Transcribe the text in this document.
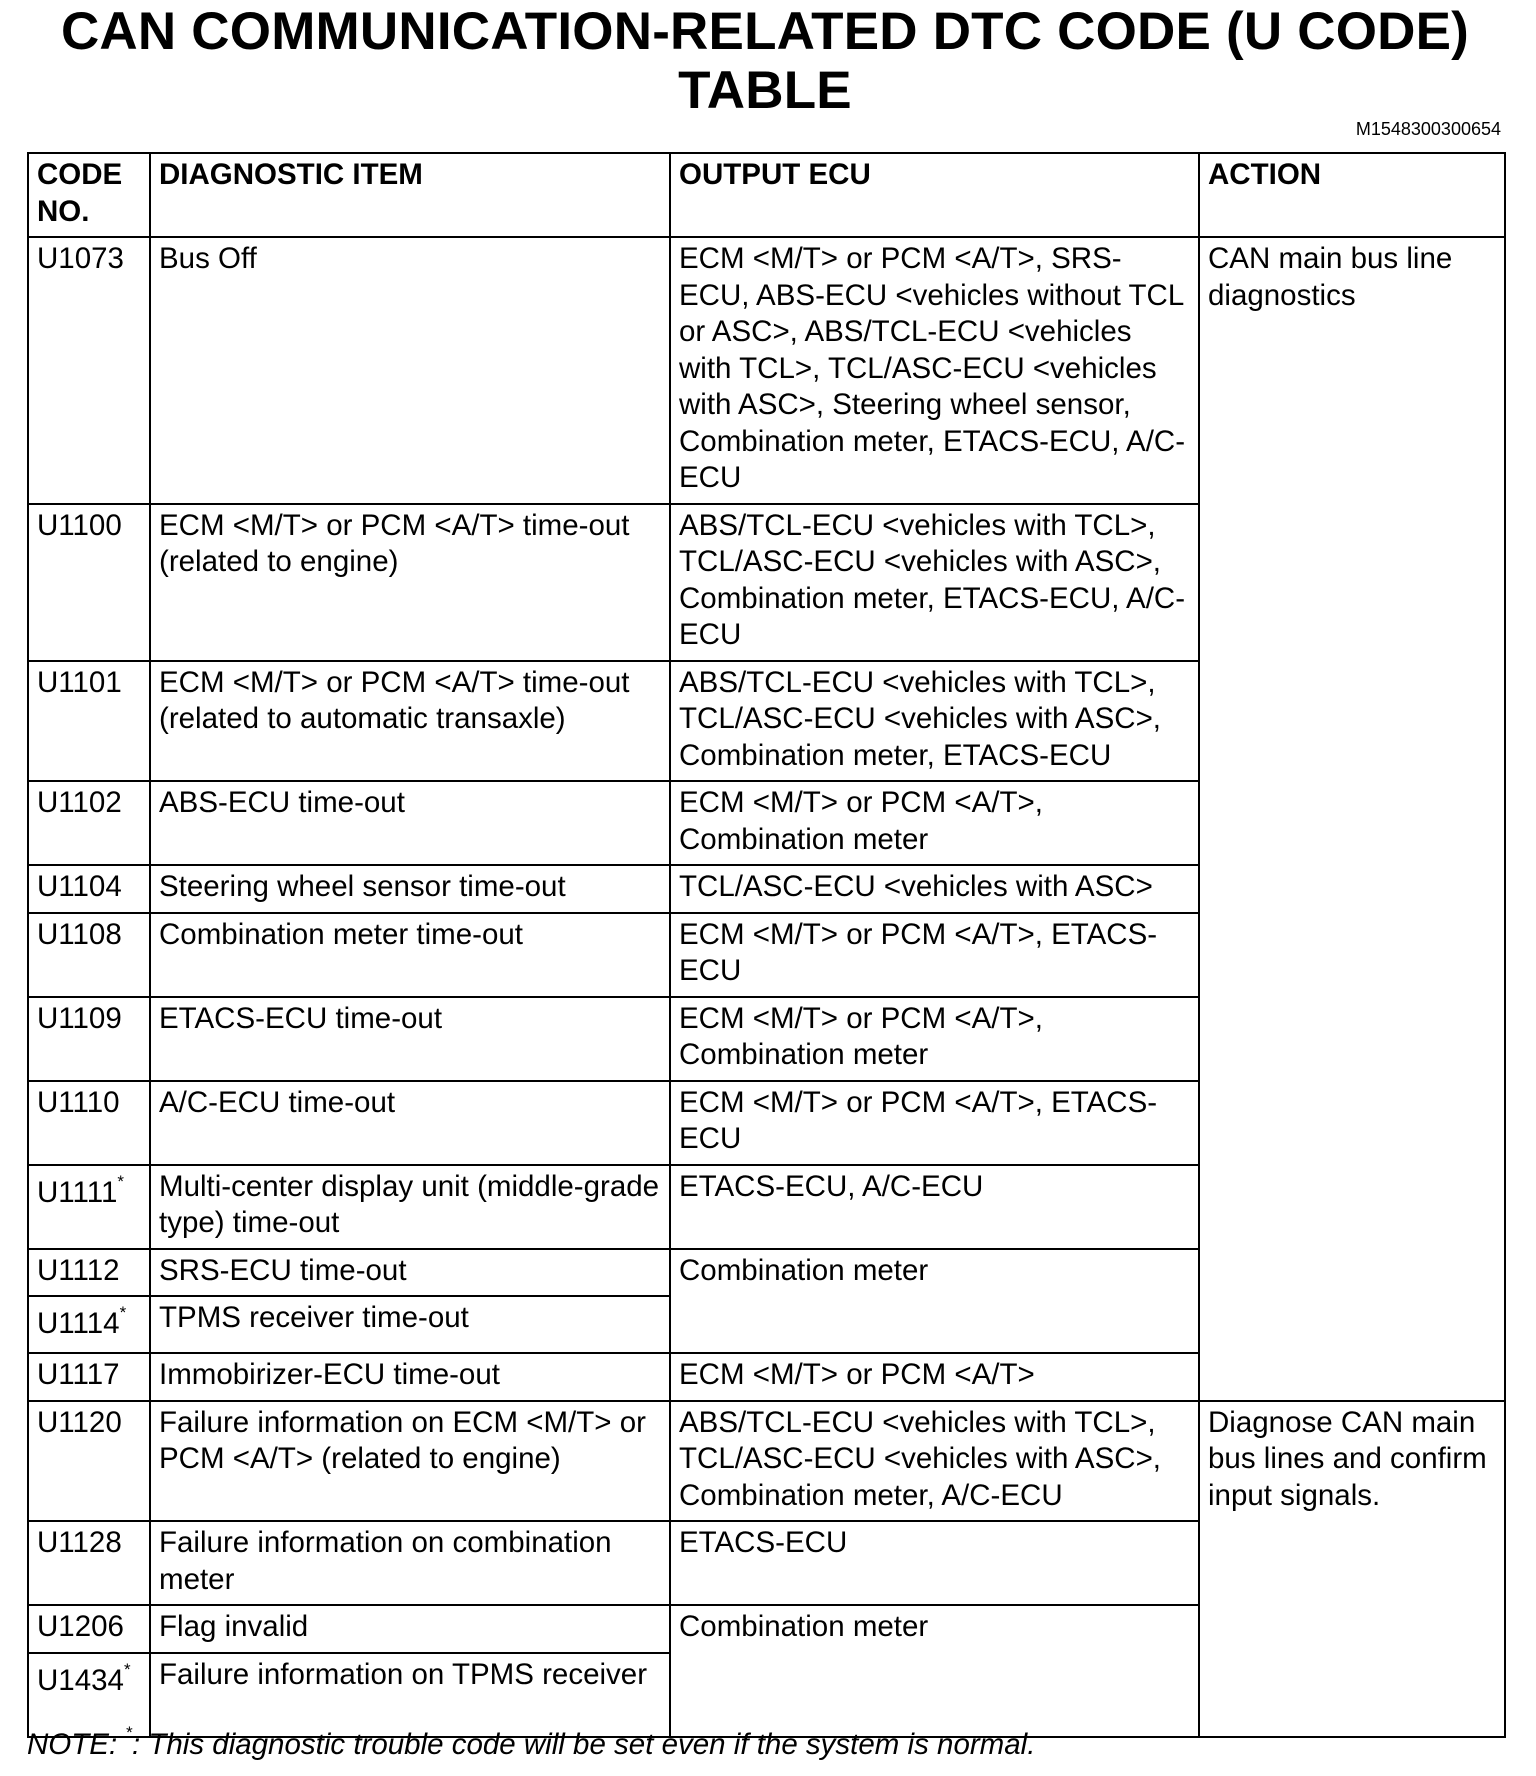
CAN COMMUNICATION-RELATED DTC CODE (U CODE)
TABLE
M1548300300654
CODE NO.	DIAGNOSTIC ITEM	OUTPUT ECU	ACTION
U1073	Bus Off	ECM <M/T> or PCM <A/T>, SRS-ECU, ABS-ECU <vehicles without TCL or ASC>, ABS/TCL-ECU <vehicles with TCL>, TCL/ASC-ECU <vehicles with ASC>, Steering wheel sensor, Combination meter, ETACS-ECU, A/C-ECU	CAN main bus line diagnostics
U1100	ECM <M/T> or PCM <A/T> time-out (related to engine)	ABS/TCL-ECU <vehicles with TCL>, TCL/ASC-ECU <vehicles with ASC>, Combination meter, ETACS-ECU, A/C-ECU	
U1101	ECM <M/T> or PCM <A/T> time-out (related to automatic transaxle)	ABS/TCL-ECU <vehicles with TCL>, TCL/ASC-ECU <vehicles with ASC>, Combination meter, ETACS-ECU	
U1102	ABS-ECU time-out	ECM <M/T> or PCM <A/T>, Combination meter	
U1104	Steering wheel sensor time-out	TCL/ASC-ECU <vehicles with ASC>	
U1108	Combination meter time-out	ECM <M/T> or PCM <A/T>, ETACS-ECU	
U1109	ETACS-ECU time-out	ECM <M/T> or PCM <A/T>, Combination meter	
U1110	A/C-ECU time-out	ECM <M/T> or PCM <A/T>, ETACS-ECU	
U1111*	Multi-center display unit (middle-grade type) time-out	ETACS-ECU, A/C-ECU	
U1112	SRS-ECU time-out	Combination meter	
U1114*	TPMS receiver time-out		
U1117	Immobirizer-ECU time-out	ECM <M/T> or PCM <A/T>	
U1120	Failure information on ECM <M/T> or PCM <A/T> (related to engine)	ABS/TCL-ECU <vehicles with TCL>, TCL/ASC-ECU <vehicles with ASC>, Combination meter, A/C-ECU	Diagnose CAN main bus lines and confirm input signals.
U1128	Failure information on combination meter	ETACS-ECU	
U1206	Flag invalid	Combination meter	
U1434*	Failure information on TPMS receiver		
NOTE: *: This diagnostic trouble code will be set even if the system is normal.
